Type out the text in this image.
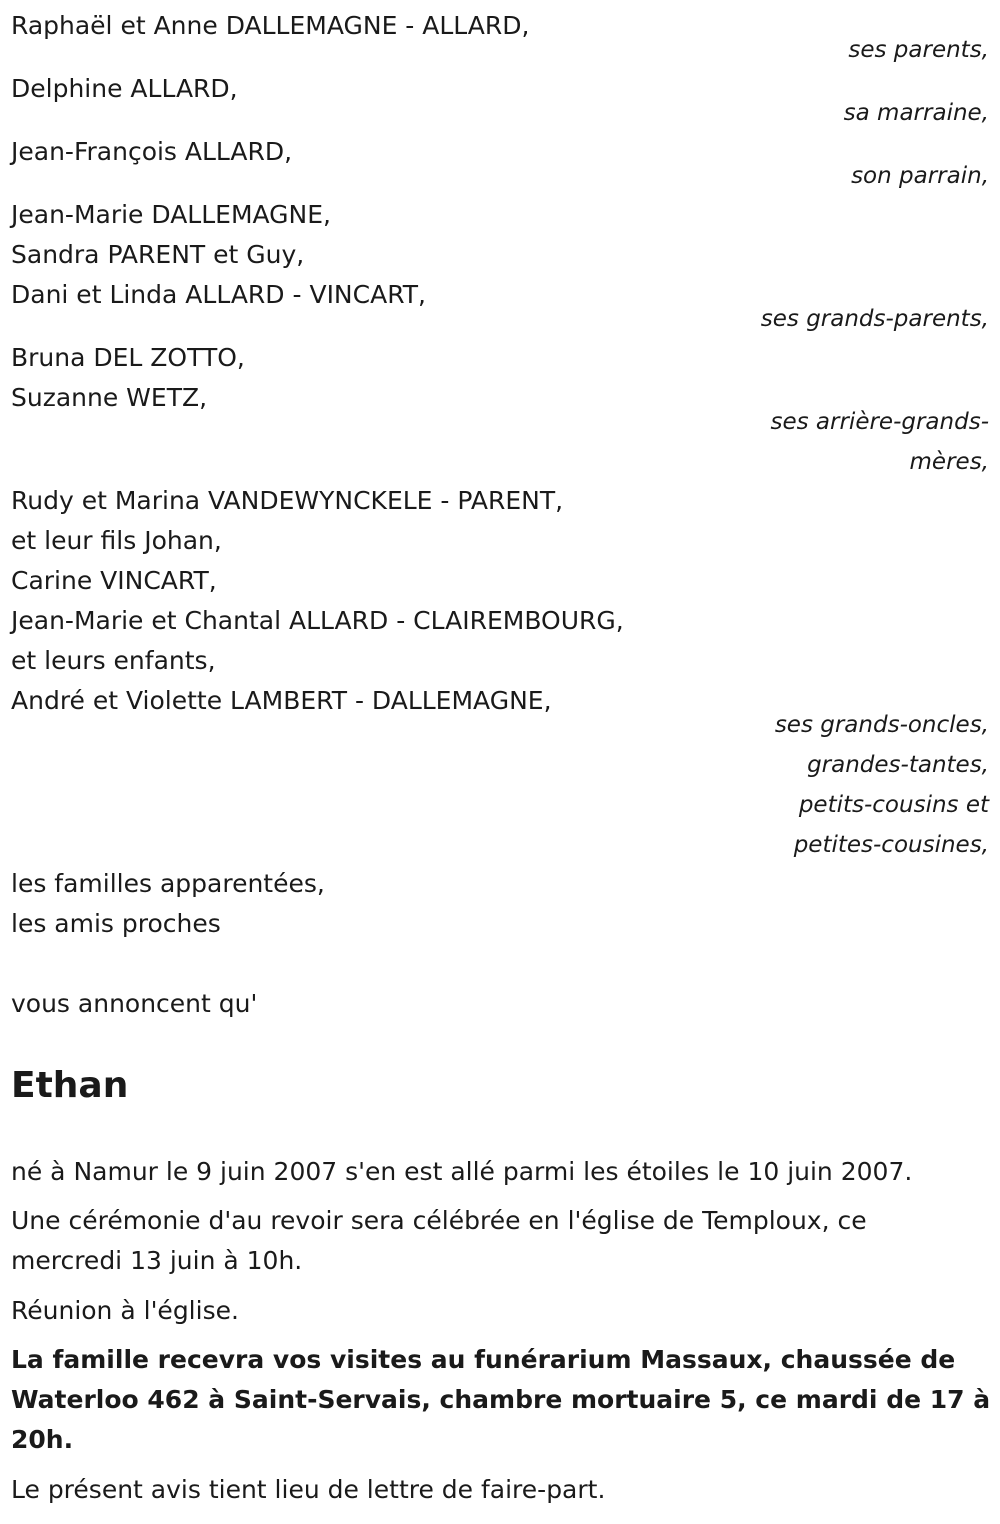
Raphaël et Anne DALLEMAGNE - ALLARD,
ses parents,
Delphine ALLARD,
sa marraine,
Jean-François ALLARD,
son parrain,
Jean-Marie DALLEMAGNE,
Sandra PARENT et Guy,
Dani et Linda ALLARD - VINCART,
ses grands-parents,
Bruna DEL ZOTTO,
Suzanne WETZ,
ses arrière-grands-
mères,
Rudy et Marina VANDEWYNCKELE - PARENT,
et leur fils Johan,
Carine VINCART,
Jean-Marie et Chantal ALLARD - CLAIREMBOURG,
et leurs enfants,
André et Violette LAMBERT - DALLEMAGNE,
ses grands-oncles,
grandes-tantes,
petits-cousins et
petites-cousines,
les familles apparentées,
les amis proches
vous annoncent qu'
Ethan
né à Namur le 9 juin 2007 s'en est allé parmi les étoiles le 10 juin 2007.
Une cérémonie d'au revoir sera célébrée en l'église de Temploux, ce
mercredi 13 juin à 10h.
Réunion à l'église.
La famille recevra vos visites au funérarium Massaux, chaussée de
Waterloo 462 à Saint-Servais, chambre mortuaire 5, ce mardi de 17 à
20h.
Le présent avis tient lieu de lettre de faire-part.
